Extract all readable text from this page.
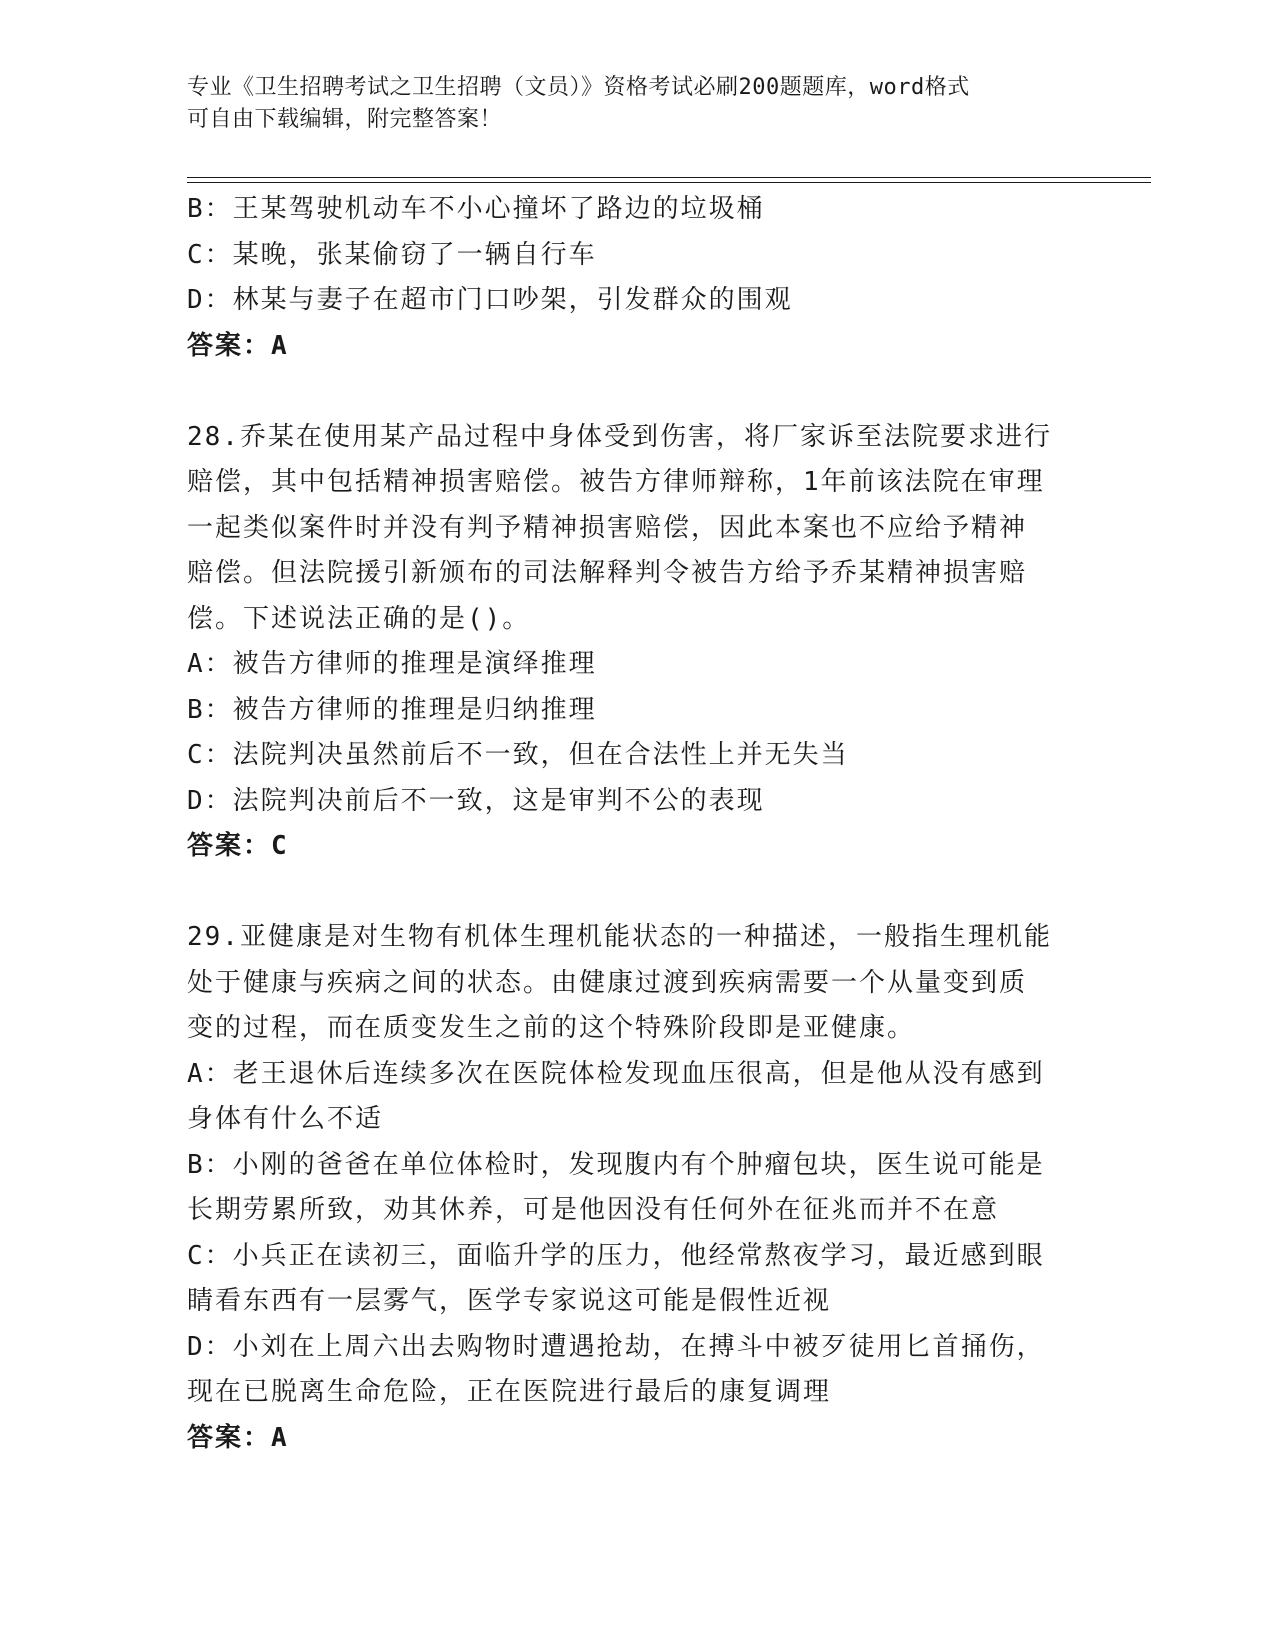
专业《卫生招聘考试之卫生招聘（文员）》资格考试必刷200题题库，word格式
可自由下载编辑，附完整答案！
B：王某驾驶机动车不小心撞坏了路边的垃圾桶
C：某晚，张某偷窃了一辆自行车
D：林某与妻子在超市门口吵架，引发群众的围观
答案：A
28.乔某在使用某产品过程中身体受到伤害，将厂家诉至法院要求进行
赔偿，其中包括精神损害赔偿。被告方律师辩称，1年前该法院在审理
一起类似案件时并没有判予精神损害赔偿，因此本案也不应给予精神
赔偿。但法院援引新颁布的司法解释判令被告方给予乔某精神损害赔
偿。下述说法正确的是()。
A：被告方律师的推理是演绎推理
B：被告方律师的推理是归纳推理
C：法院判决虽然前后不一致，但在合法性上并无失当
D：法院判决前后不一致，这是审判不公的表现
答案：C
29.亚健康是对生物有机体生理机能状态的一种描述，一般指生理机能
处于健康与疾病之间的状态。由健康过渡到疾病需要一个从量变到质
变的过程，而在质变发生之前的这个特殊阶段即是亚健康。
A：老王退休后连续多次在医院体检发现血压很高，但是他从没有感到
身体有什么不适
B：小刚的爸爸在单位体检时，发现腹内有个肿瘤包块，医生说可能是
长期劳累所致，劝其休养，可是他因没有任何外在征兆而并不在意
C：小兵正在读初三，面临升学的压力，他经常熬夜学习，最近感到眼
睛看东西有一层雾气，医学专家说这可能是假性近视
D：小刘在上周六出去购物时遭遇抢劫，在搏斗中被歹徒用匕首捅伤，
现在已脱离生命危险，正在医院进行最后的康复调理
答案：A
